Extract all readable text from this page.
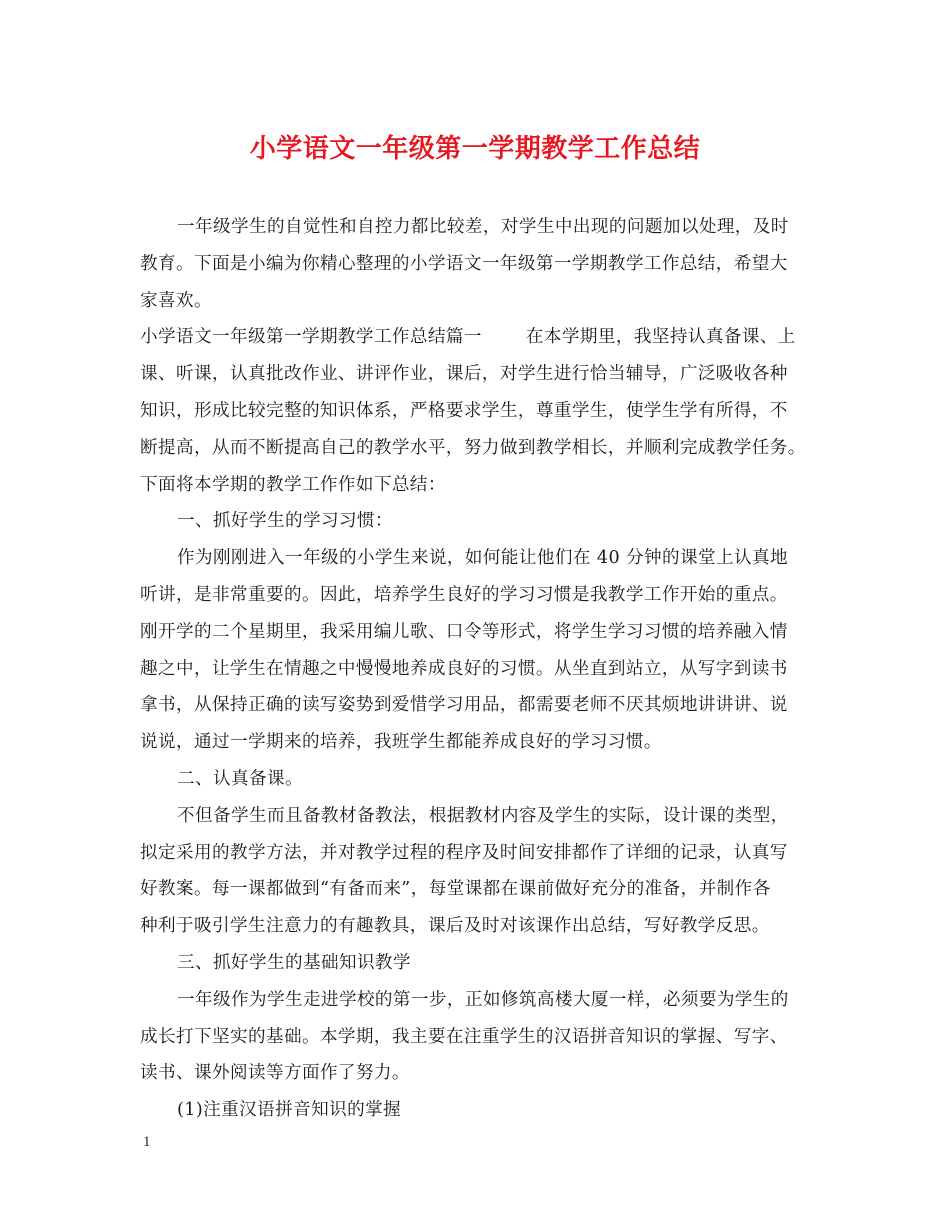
小学语文一年级第一学期教学工作总结
一年级学生的自觉性和自控力都比较差，对学生中出现的问题加以处理，及时
教育。下面是小编为你精心整理的小学语文一年级第一学期教学工作总结，希望大
家喜欢。
小学语文一年级第一学期教学工作总结篇一	在本学期里，我坚持认真备课、上
课、听课，认真批改作业、讲评作业，课后，对学生进行恰当辅导，广泛吸收各种
知识，形成比较完整的知识体系，严格要求学生，尊重学生，使学生学有所得，不
断提高，从而不断提高自己的教学水平，努力做到教学相长，并顺利完成教学任务。
下面将本学期的教学工作作如下总结：
一、抓好学生的学习习惯：
作为刚刚进入一年级的小学生来说，如何能让他们在 40 分钟的课堂上认真地
听讲，是非常重要的。因此，培养学生良好的学习习惯是我教学工作开始的重点。
刚开学的二个星期里，我采用编儿歌、口令等形式，将学生学习习惯的培养融入情
趣之中，让学生在情趣之中慢慢地养成良好的习惯。从坐直到站立，从写字到读书
拿书，从保持正确的读写姿势到爱惜学习用品，都需要老师不厌其烦地讲讲讲、说
说说，通过一学期来的培养，我班学生都能养成良好的学习习惯。
二、认真备课。
不但备学生而且备教材备教法，根据教材内容及学生的实际，设计课的类型，
拟定采用的教学方法，并对教学过程的程序及时间安排都作了详细的记录，认真写
好教案。每一课都做到“有备而来”，每堂课都在课前做好充分的准备，并制作各
种利于吸引学生注意力的有趣教具，课后及时对该课作出总结，写好教学反思。
三、抓好学生的基础知识教学
一年级作为学生走进学校的第一步，正如修筑高楼大厦一样，必须要为学生的
成长打下坚实的基础。本学期，我主要在注重学生的汉语拼音知识的掌握、写字、
读书、课外阅读等方面作了努力。
(1)注重汉语拼音知识的掌握
1
